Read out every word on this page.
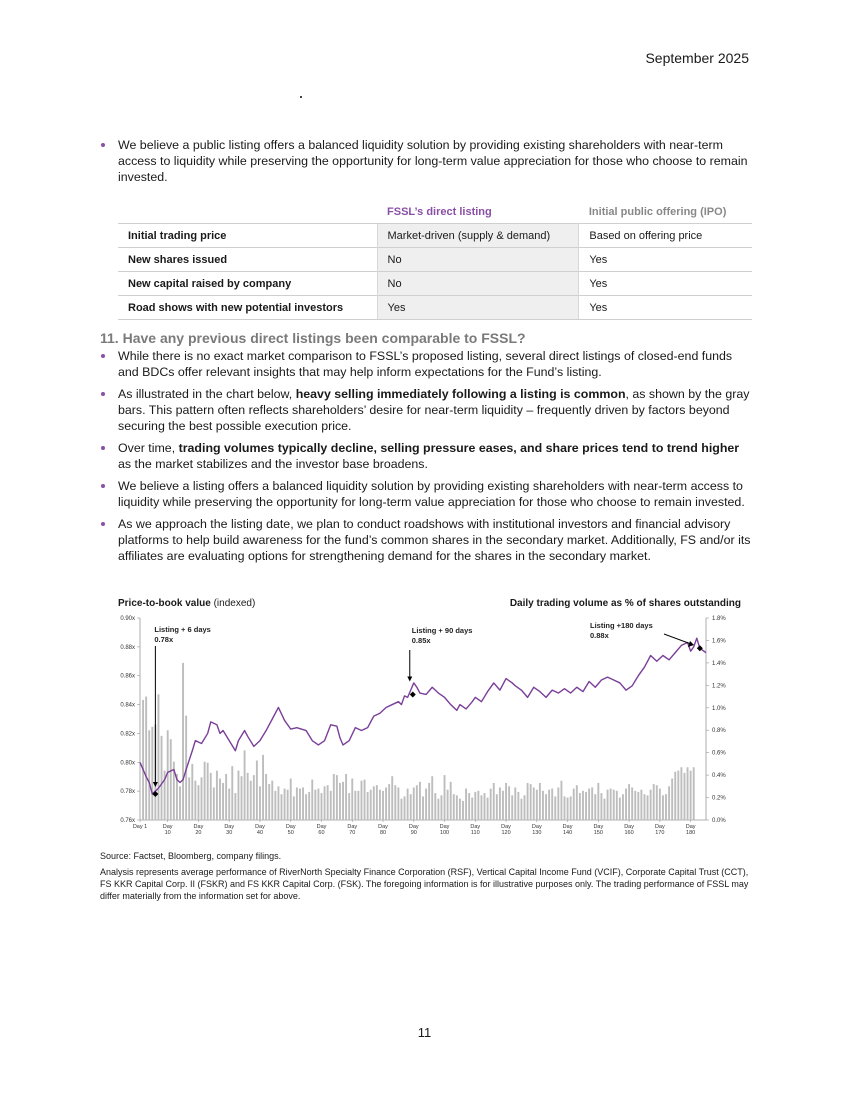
September 2025
We believe a public listing offers a balanced liquidity solution by providing existing shareholders with near-term access to liquidity while preserving the opportunity for long-term value appreciation for those who choose to remain invested.
	FSSL’s direct listing	Initial public offering (IPO)
Initial trading price	Market-driven (supply & demand)	Based on offering price
New shares issued	No	Yes
New capital raised by company	No	Yes
Road shows with new potential investors	Yes	Yes
11. Have any previous direct listings been comparable to FSSL?
While there is no exact market comparison to FSSL’s proposed listing, several direct listings of closed-end funds and BDCs offer relevant insights that may help inform expectations for the Fund’s listing.
As illustrated in the chart below, heavy selling immediately following a listing is common, as shown by the gray bars. This pattern often reflects shareholders’ desire for near-term liquidity – frequently driven by factors beyond securing the best possible execution price.
Over time, trading volumes typically decline, selling pressure eases, and share prices tend to trend higher as the market stabilizes and the investor base broadens.
We believe a listing offers a balanced liquidity solution by providing existing shareholders with near-term access to liquidity while preserving the opportunity for long-term value appreciation for those who choose to remain invested.
As we approach the listing date, we plan to conduct roadshows with institutional investors and financial advisory platforms to help build awareness for the fund’s common shares in the secondary market. Additionally, FS and/or its affiliates are evaluating options for strengthening demand for the shares in the secondary market.
Price-to-book value (indexed)	Daily trading volume as % of shares outstanding
0.76x
0.78x
0.80x
0.82x
0.84x
0.86x
0.88x
0.90x
0.0%
0.2%
0.4%
0.6%
0.8%
1.0%
1.2%
1.4%
1.6%
1.8%
Day 1	Day
10
Day
20
Day
30
Day
40
Day
50
Day
60
Day
70
Day
80
Day
90
Day
100
Day
110
Day
120
Day
130
Day
140
Day
150
Day
160
Day
170
Day
180
Listing + 6 days
0.78x
Listing + 90 days
0.85x
Listing +180 days
0.88x
Source: Factset, Bloomberg, company filings.
Analysis represents average performance of RiverNorth Specialty Finance Corporation (RSF), Vertical Capital Income Fund (VCIF), Corporate Capital Trust (CCT), FS KKR Capital Corp. II (FSKR) and FS KKR Capital Corp. (FSK). The foregoing information is for illustrative purposes only. The trading performance of FSSL may differ materially from the information set for above.
11
